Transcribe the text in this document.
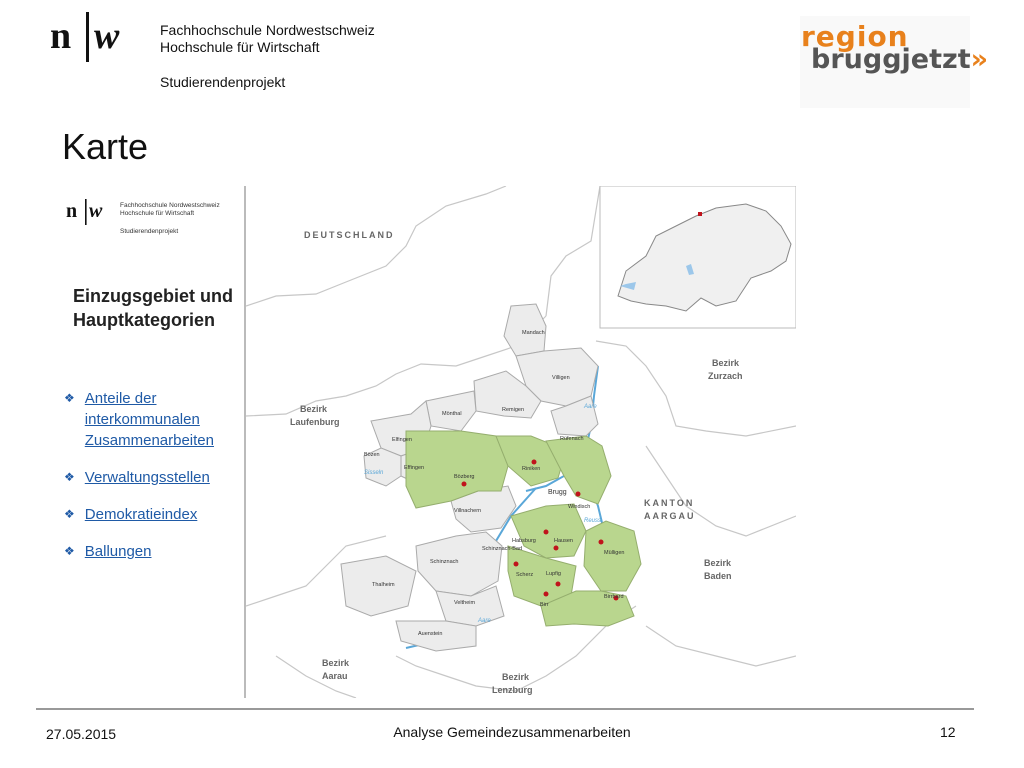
n w	Fachhochschule Nordwestschweiz
Hochschule für Wirtschaft
Studierendenprojekt
region
bruggjetzt»
Karte
n w	Fachhochschule Nordwestschweiz
Hochschule für Wirtschaft
Studierendenprojekt
Einzugsgebiet und
Hauptkategorien
❖ Anteile der interkommunalen Zusammenarbeiten
❖ Verwaltungsstellen
❖ Demokratieindex
❖ Ballungen
DEUTSCHLAND
Bezirk
Zurzach
Bezirk
Laufenburg
KANTON
AARGAU
Bezirk
Baden
Bezirk
Aarau	Bezirk
Lenzburg
Aare
Aare
Reuss
Sisseln
Mandach
Villigen
Remigen
Mönthal
Elfingen
Bözen
Effingen
Rüfenach
Riniken
Bözberg
Brugg
Windisch
Villnachern
Habsburg	Hausen
Schinznach-Bad
Schinznach
Mülligen
Scherz Lupfig
Thalheim
Veltheim	Birr
Birrhard
Auenstein
27.05.2015	Analyse Gemeindezusammenarbeiten	12
